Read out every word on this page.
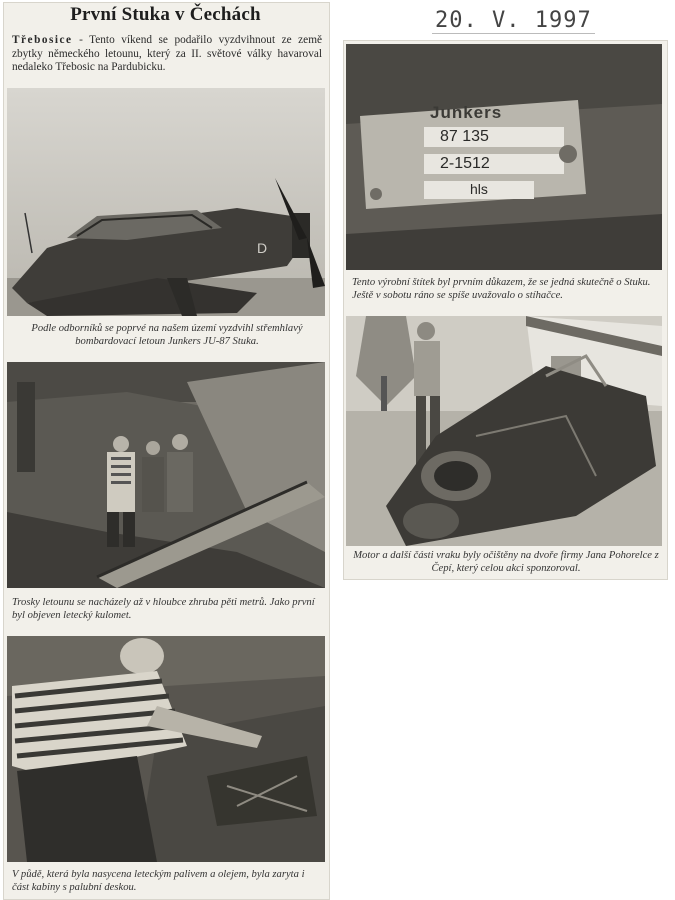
První Stuka v Čechách
Třebosice - Tento víkend se podařilo vyzdvihnout ze země zbytky německého letounu, který za II. světové války havaroval nedaleko Třebosic na Pardubicku.
20. V. 1997
D
Podle odborníků se poprvé na našem území vyzdvihl střemhlavý bombardovací letoun Junkers JU-87 Stuka.
Trosky letounu se nacházely až v hloubce zhruba pěti metrů. Jako první byl objeven letecký kulomet.
V půdě, která byla nasycena leteckým palivem a olejem, byla zaryta i část kabiny s palubní deskou.
Junkers
87 135
2-1512
hls
Tento výrobní štítek byl prvním důkazem, že se jedná skutečně o Stuku. Ještě v sobotu ráno se spíše uvažovalo o stíhačce.
Motor a další části vraku byly očištěny na dvoře firmy Jana Pohorelce z Čepí, který celou akci sponzoroval.
